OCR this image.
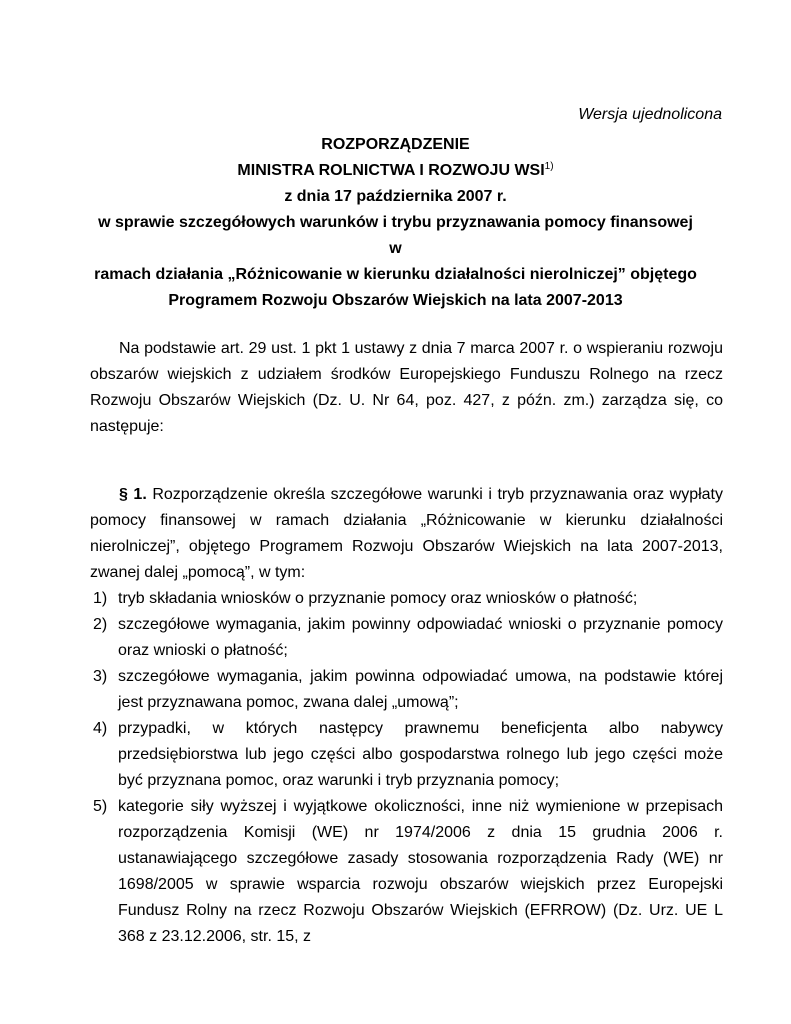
Wersja ujednolicona

ROZPORZĄDZENIE

MINISTRA ROLNICTWA I ROZWOJU WSI$^{1)}$

z dnia 17 października 2007 r.

w sprawie szczegółowych warunków i trybu przyznawania pomocy finansowej w

ramach działania „Różnicowanie w kierunku działalności nierolniczej” objętego

Programem Rozwoju Obszarów Wiejskich na lata 2007-2013

Na podstawie art. 29 ust. 1 pkt 1 ustawy z dnia 7 marca 2007 r. o wspieraniu rozwoju obszarów wiejskich z udziałem środków Europejskiego Funduszu Rolnego na rzecz Rozwoju Obszarów Wiejskich (Dz. U. Nr 64, poz. 427, z późn. zm.) zarządza się, co następuje:

§ 1. Rozporządzenie określa szczegółowe warunki i tryb przyznawania oraz wypłaty pomocy finansowej w ramach działania „Różnicowanie w kierunku działalności nierolniczej”, objętego Programem Rozwoju Obszarów Wiejskich na lata 2007-2013, zwanej dalej „pomocą”, w tym:

1) tryb składania wniosków o przyznanie pomocy oraz wniosków o płatność;
2) szczegółowe wymagania, jakim powinny odpowiadać wnioski o przyznanie pomocy oraz wnioski o płatność;
3) szczegółowe wymagania, jakim powinna odpowiadać umowa, na podstawie której jest przyznawana pomoc, zwana dalej „umową”;
4) przypadki, w których następcy prawnemu beneficjenta albo nabywcy przedsiębiorstwa lub jego części albo gospodarstwa rolnego lub jego części może być przyznana pomoc, oraz warunki i tryb przyznania pomocy;
5) kategorie siły wyższej i wyjątkowe okoliczności, inne niż wymienione w przepisach rozporządzenia Komisji (WE) nr 1974/2006 z dnia 15 grudnia 2006 r. ustanawiającego szczegółowe zasady stosowania rozporządzenia Rady (WE) nr 1698/2005 w sprawie wsparcia rozwoju obszarów wiejskich przez Europejski Fundusz Rolny na rzecz Rozwoju Obszarów Wiejskich (EFRROW) (Dz. Urz. UE L 368 z 23.12.2006, str. 15, z
